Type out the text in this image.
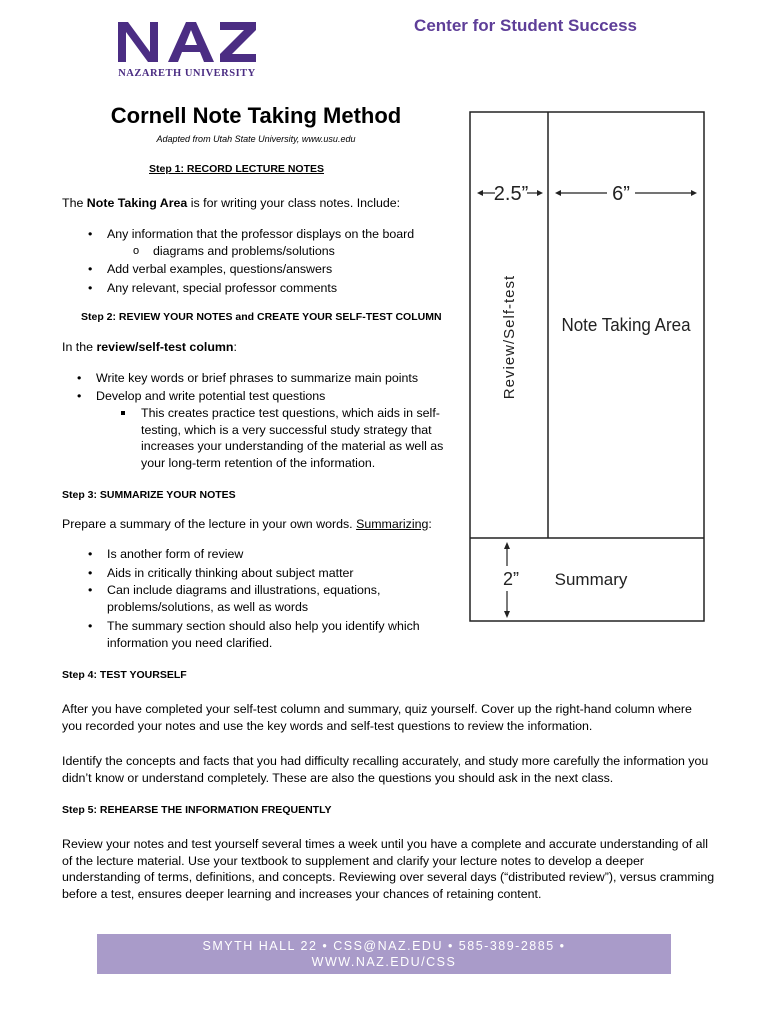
NAZARETH UNIVERSITY
Center for Student Success
Cornell Note Taking Method
Adapted from Utah State University, www.usu.edu
Step 1: RECORD LECTURE NOTES
The Note Taking Area is for writing your class notes. Include:
• Any information that the professor displays on the board
o diagrams and problems/solutions
• Add verbal examples, questions/answers
• Any relevant, special professor comments
Step 2: REVIEW YOUR NOTES and CREATE YOUR SELF-TEST COLUMN
In the review/self-test column:
• Write key words or brief phrases to summarize main points
• Develop and write potential test questions
This creates practice test questions, which aids in self-testing, which is a very successful study strategy that increases your understanding of the material as well as your long-term retention of the information.
Step 3: SUMMARIZE YOUR NOTES
Prepare a summary of the lecture in your own words. Summarizing:
• Is another form of review
• Aids in critically thinking about subject matter
• Can include diagrams and illustrations, equations, problems/solutions, as well as words
• The summary section should also help you identify which information you need clarified.
Step 4: TEST YOURSELF
After you have completed your self-test column and summary, quiz yourself. Cover up the right-hand column where you recorded your notes and use the key words and self-test questions to review the information.
Identify the concepts and facts that you had difficulty recalling accurately, and study more carefully the information you didn’t know or understand completely. These are also the questions you should ask in the next class.
Step 5: REHEARSE THE INFORMATION FREQUENTLY
Review your notes and test yourself several times a week until you have a complete and accurate understanding of all of the lecture material. Use your textbook to supplement and clarify your lecture notes to develop a deeper understanding of terms, definitions, and concepts. Reviewing over several days (“distributed review”), versus cramming before a test, ensures deeper learning and increases your chances of retaining content.
2.5”	6”
Review/Self-test	Note Taking Area
2” Summary
SMYTH HALL 22 • CSS@NAZ.EDU • 585-389-2885 •
WWW.NAZ.EDU/CSS
